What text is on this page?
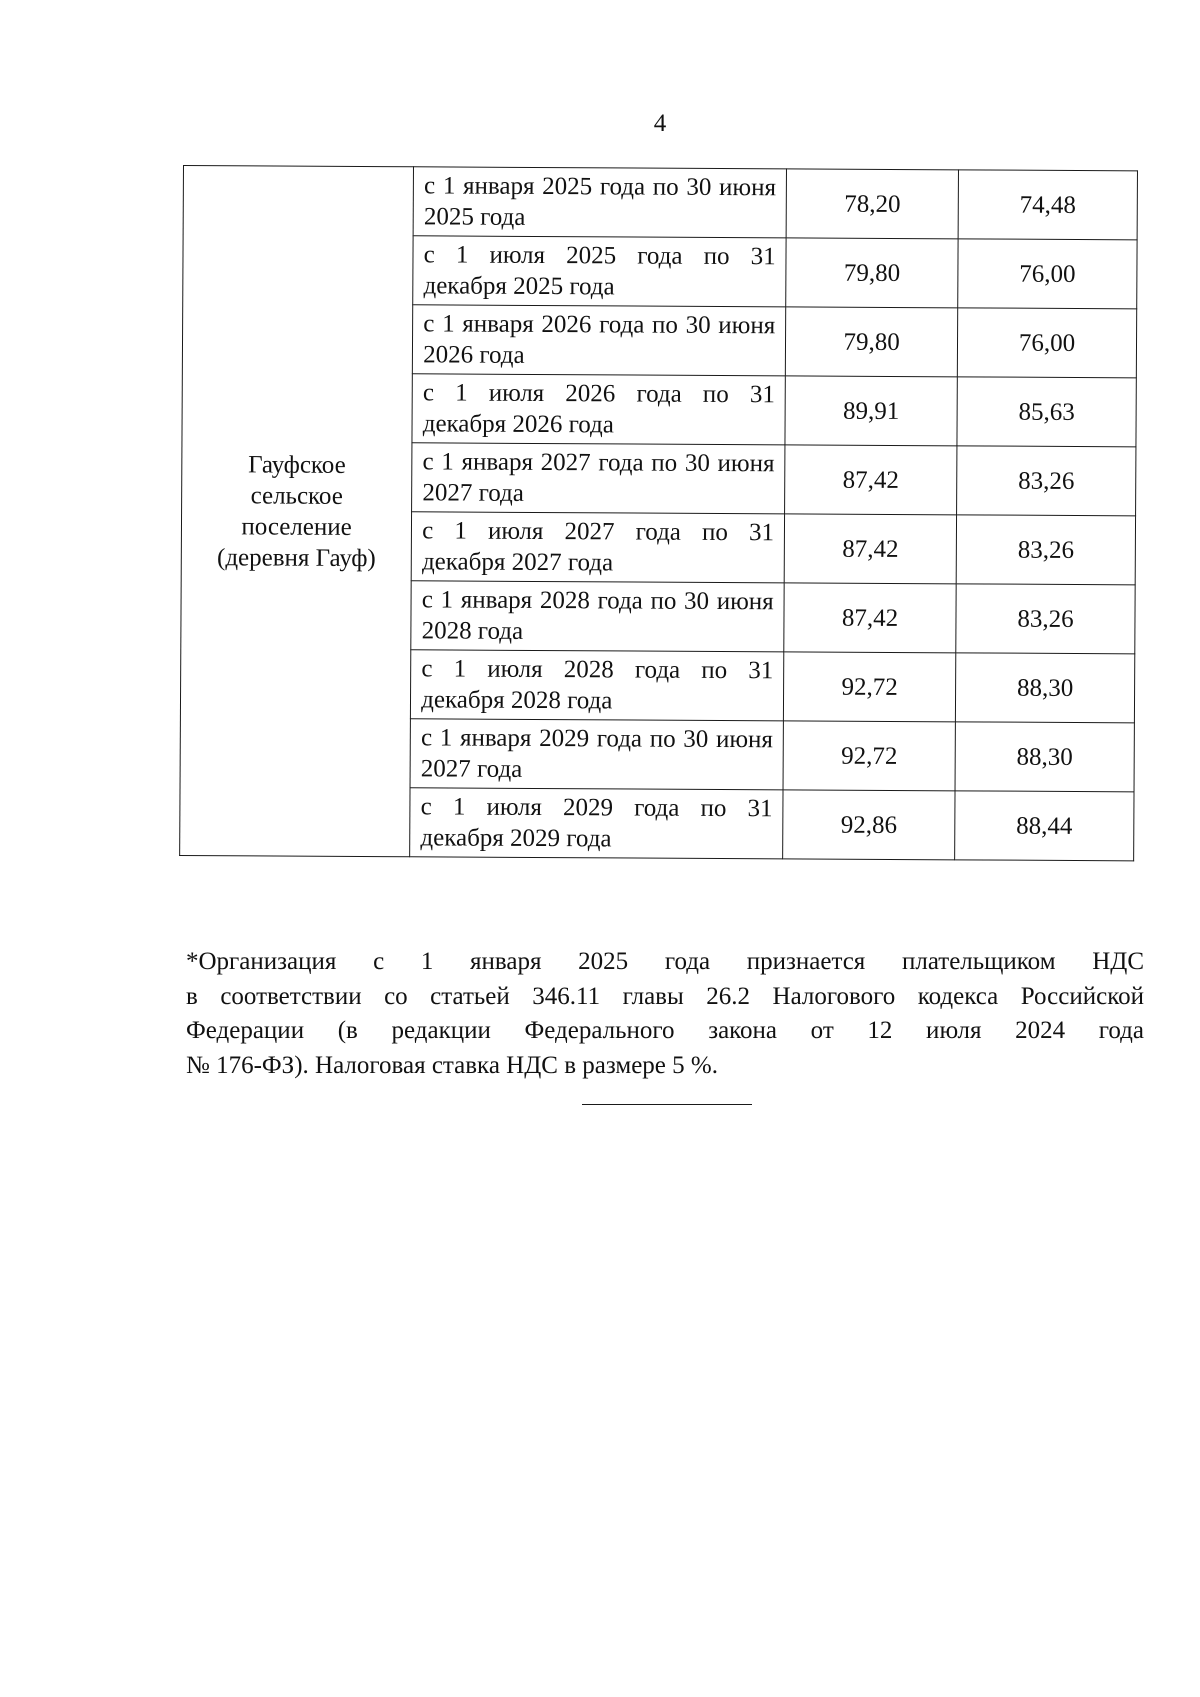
4
Гауфское
сельское
поселение
(деревня Гауф)	с 1 января 2025 года по 30 июня 2025 года	78,20	74,48
	с 1 июля 2025 года по 31 декабря 2025 года	79,80	76,00
	с 1 января 2026 года по 30 июня 2026 года	79,80	76,00
	с 1 июля 2026 года по 31 декабря 2026 года	89,91	85,63
	с 1 января 2027 года по 30 июня 2027 года	87,42	83,26
	с 1 июля 2027 года по 31 декабря 2027 года	87,42	83,26
	с 1 января 2028 года по 30 июня 2028 года	87,42	83,26
	с 1 июля 2028 года по 31 декабря 2028 года	92,72	88,30
	с 1 января 2029 года по 30 июня 2027 года	92,72	88,30
	с 1 июля 2029 года по 31 декабря 2029 года	92,86	88,44
*Организация с 1 января 2025 года признается плательщиком НДС
в соответствии со статьей 346.11 главы 26.2 Налогового кодекса Российской
Федерации (в редакции Федерального закона от 12 июля 2024 года
№ 176-ФЗ). Налоговая ставка НДС в размере 5 %.
